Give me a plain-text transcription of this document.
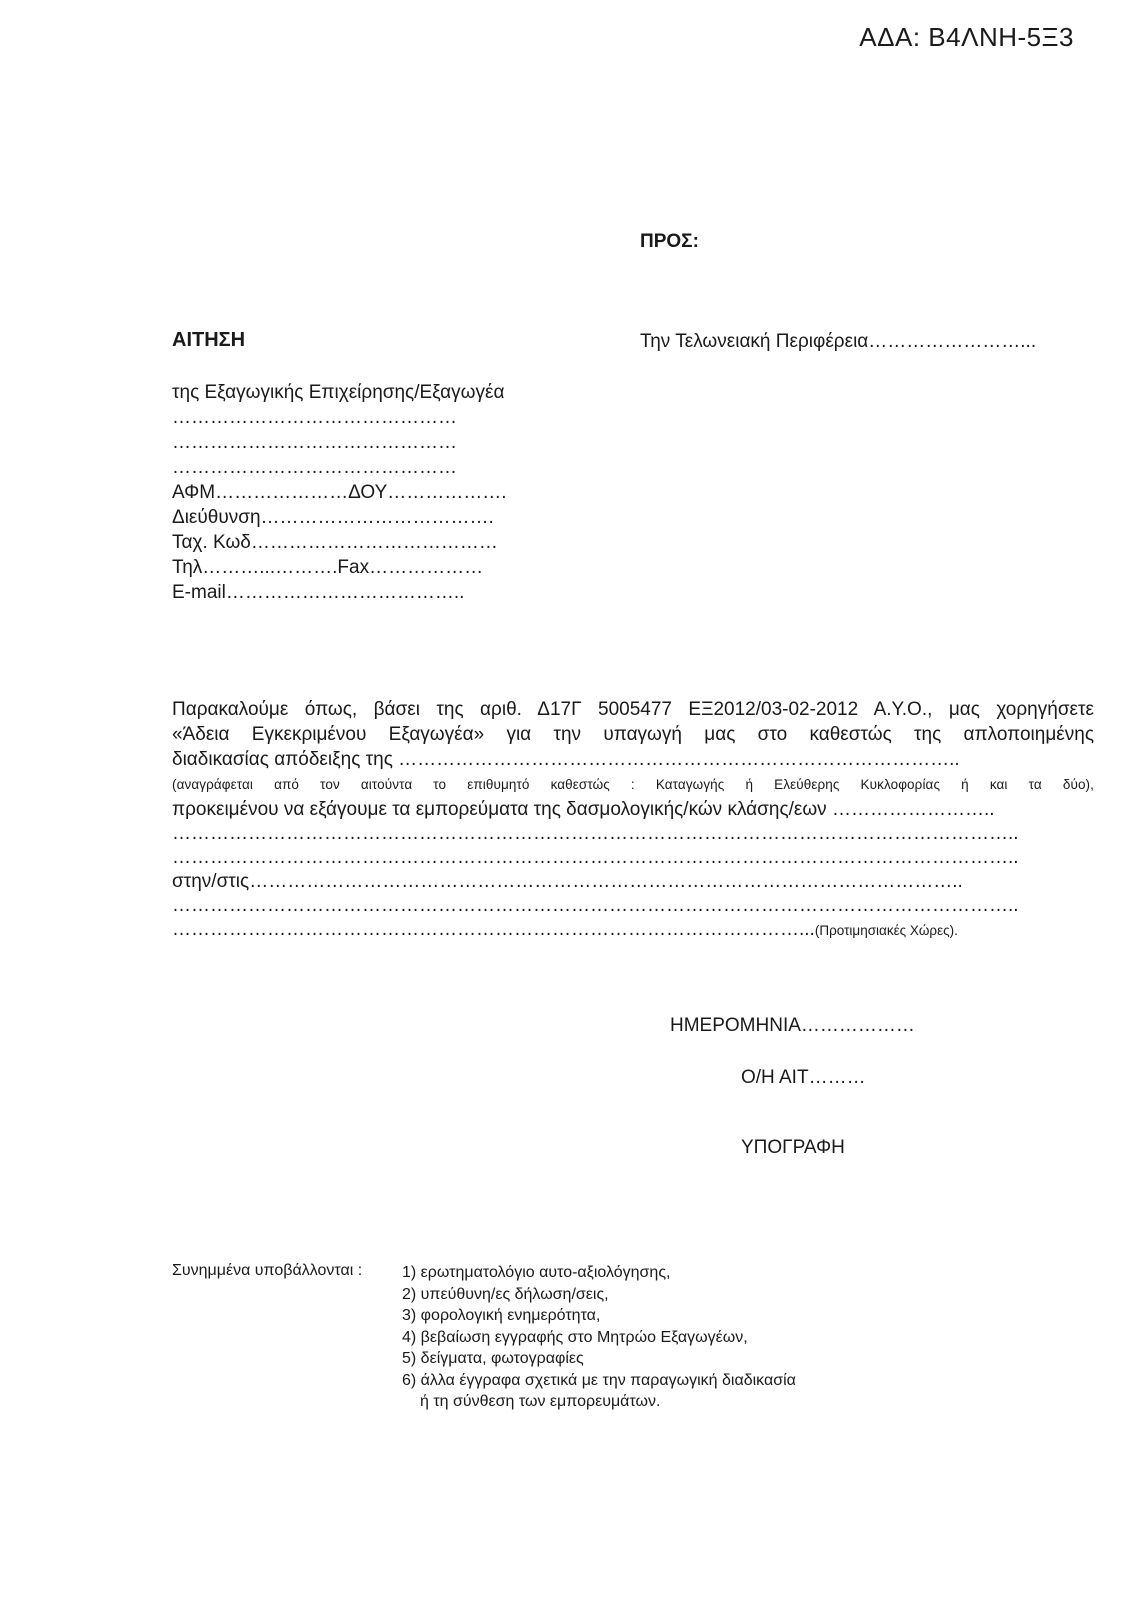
ΑΔΑ: Β4ΛΝΗ-5Ξ3
ΠΡΟΣ:
ΑΙΤΗΣΗ	Την Τελωνειακή Περιφέρεια……………………...
της Εξαγωγικής Επιχείρησης/Εξαγωγέα
………………………………………
………………………………………
………………………………………
ΑΦΜ…………………ΔΟΥ……………….
Διεύθυνση……………………………….
Ταχ. Κωδ…………………………………
Τηλ………...……….Fax………………
E-mail………………………………..

Παρακαλούμε όπως, βάσει της αριθ. Δ17Γ 5005477 ΕΞ2012/03-02-2012 Α.Υ.Ο., μας χορηγήσετε

«Άδεια Εγκεκριμένου Εξαγωγέα» για την υπαγωγή μας στο καθεστώς της απλοποιημένης

διαδικασίας απόδειξης της ……………………………………………………………………………..

(αναγράφεται από τον αιτούντα το επιθυμητό καθεστώς : Καταγωγής ή Ελεύθερης Κυκλοφορίας ή και τα δύο),

προκειμένου να εξάγουμε τα εμπορεύματα της δασμολογικής/κών κλάσης/εων ……………………..

……………………………………………………………………………………………………………………..
……………………………………………………………………………………………………………………..
στην/στις…………………………………………………………………………………………………..
……………………………………………………………………………………………………………………..
………………………………………………………………………………………...(Προτιμησιακές Χώρες).
ΗΜΕΡΟΜΗΝΙΑ………………
Ο/Η ΑΙΤ………
ΥΠΟΓΡΑΦΗ
Συνημμένα υποβάλλονται : 1) ερωτηματολόγιο αυτο-αξιολόγησης,
2) υπεύθυνη/ες δήλωση/σεις,
3) φορολογική ενημερότητα,
4) βεβαίωση εγγραφής στο Μητρώο Εξαγωγέων,
5) δείγματα, φωτογραφίες
6) άλλα έγγραφα σχετικά με την παραγωγική διαδικασία
ή τη σύνθεση των εμπορευμάτων.
